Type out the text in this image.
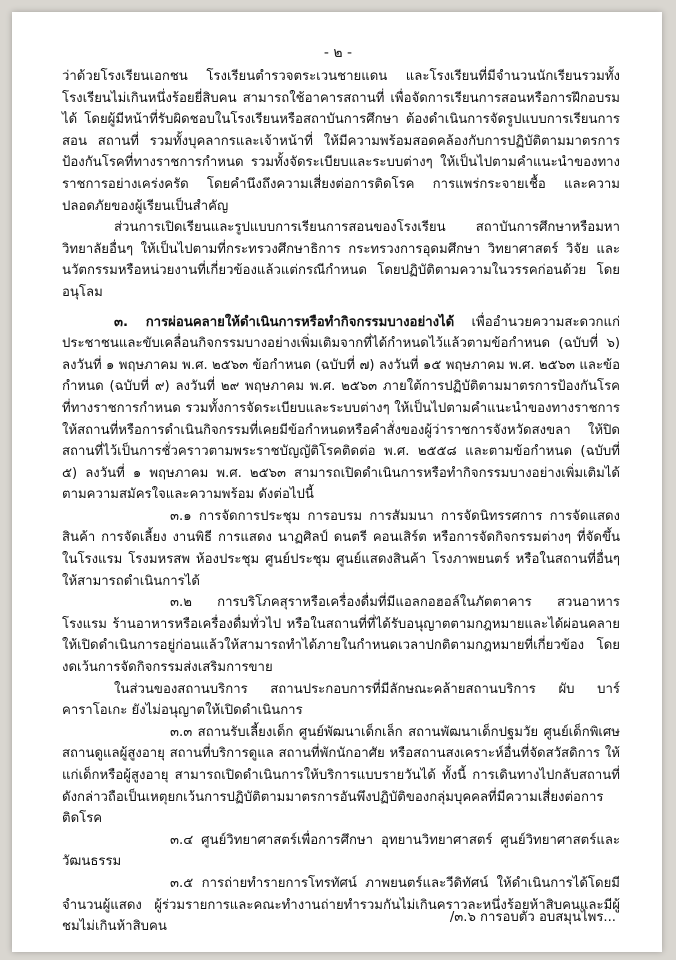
- ๒ -

ว่าด้วยโรงเรียนเอกชน โรงเรียนตำรวจตระเวนชายแดน และโรงเรียนที่มีจำนวนนักเรียนรวมทั้งโรงเรียนไม่เกินหนึ่งร้อยยี่สิบคน สามารถใช้อาคารสถานที่ เพื่อจัดการเรียนการสอนหรือการฝึกอบรมได้ โดยผู้มีหน้าที่รับผิดชอบในโรงเรียนหรือสถาบันการศึกษา ต้องดำเนินการจัดรูปแบบการเรียนการสอน สถานที่ รวมทั้งบุคลากรและเจ้าหน้าที่ ให้มีความพร้อมสอดคล้องกับการปฏิบัติตามมาตรการป้องกันโรคที่ทางราชการกำหนด รวมทั้งจัดระเบียบและระบบต่างๆ ให้เป็นไปตามคำแนะนำของทางราชการอย่างเคร่งครัด โดยคำนึงถึงความเสี่ยงต่อการติดโรค การแพร่กระจายเชื้อ และความปลอดภัยของผู้เรียนเป็นสำคัญ

ส่วนการเปิดเรียนและรูปแบบการเรียนการสอนของโรงเรียน สถาบันการศึกษาหรือมหาวิทยาลัยอื่นๆ ให้เป็นไปตามที่กระทรวงศึกษาธิการ กระทรวงการอุดมศึกษา วิทยาศาสตร์ วิจัย และนวัตกรรมหรือหน่วยงานที่เกี่ยวข้องแล้วแต่กรณีกำหนด โดยปฏิบัติตามความในวรรคก่อนด้วย โดยอนุโลม

๓. การผ่อนคลายให้ดำเนินการหรือทำกิจกรรมบางอย่างได้ เพื่ออำนวยความสะดวกแก่ประชาชนและขับเคลื่อนกิจกรรมบางอย่างเพิ่มเติมจากที่ได้กำหนดไว้แล้วตามข้อกำหนด (ฉบับที่ ๖) ลงวันที่ ๑ พฤษภาคม พ.ศ. ๒๕๖๓ ข้อกำหนด (ฉบับที่ ๗) ลงวันที่ ๑๕ พฤษภาคม พ.ศ. ๒๕๖๓ และข้อกำหนด (ฉบับที่ ๙) ลงวันที่ ๒๙ พฤษภาคม พ.ศ. ๒๕๖๓ ภายใต้การปฏิบัติตามมาตรการป้องกันโรคที่ทางราชการกำหนด รวมทั้งการจัดระเบียบและระบบต่างๆ ให้เป็นไปตามคำแนะนำของทางราชการ ให้สถานที่หรือการดำเนินกิจกรรมที่เคยมีข้อกำหนดหรือคำสั่งของผู้ว่าราชการจังหวัดสงขลา ให้ปิดสถานที่ไว้เป็นการชั่วคราวตามพระราชบัญญัติโรคติดต่อ พ.ศ. ๒๕๕๘ และตามข้อกำหนด (ฉบับที่ ๕) ลงวันที่ ๑ พฤษภาคม พ.ศ. ๒๕๖๓ สามารถเปิดดำเนินการหรือทำกิจกรรมบางอย่างเพิ่มเติมได้ ตามความสมัครใจและความพร้อม ดังต่อไปนี้

๓.๑ การจัดการประชุม การอบรม การสัมมนา การจัดนิทรรศการ การจัดแสดงสินค้า การจัดเลี้ยง งานพิธี การแสดง นาฏศิลป์ ดนตรี คอนเสิร์ต หรือการจัดกิจกรรมต่างๆ ที่จัดขึ้น ในโรงแรม โรงมหรสพ ห้องประชุม ศูนย์ประชุม ศูนย์แสดงสินค้า โรงภาพยนตร์ หรือในสถานที่อื่นๆ ให้สามารถดำเนินการได้

๓.๒ การบริโภคสุราหรือเครื่องดื่มที่มีแอลกอฮอล์ในภัตตาคาร สวนอาหาร โรงแรม ร้านอาหารหรือเครื่องดื่มทั่วไป หรือในสถานที่ที่ได้รับอนุญาตตามกฎหมายและได้ผ่อนคลาย ให้เปิดดำเนินการอยู่ก่อนแล้วให้สามารถทำได้ภายในกำหนดเวลาปกติตามกฎหมายที่เกี่ยวข้อง โดยงดเว้นการจัดกิจกรรมส่งเสริมการขาย

ในส่วนของสถานบริการ สถานประกอบการที่มีลักษณะคล้ายสถานบริการ ผับ บาร์ คาราโอเกะ ยังไม่อนุญาตให้เปิดดำเนินการ

๓.๓ สถานรับเลี้ยงเด็ก ศูนย์พัฒนาเด็กเล็ก สถานพัฒนาเด็กปฐมวัย ศูนย์เด็กพิเศษ สถานดูแลผู้สูงอายุ สถานที่บริการดูแล สถานที่พักนักอาศัย หรือสถานสงเคราะห์อื่นที่จัดสวัสดิการ ให้แก่เด็กหรือผู้สูงอายุ สามารถเปิดดำเนินการให้บริการแบบรายวันได้ ทั้งนี้ การเดินทางไปกลับสถานที่ดังกล่าวถือเป็นเหตุยกเว้นการปฏิบัติตามมาตรการอันพึงปฏิบัติของกลุ่มบุคคลที่มีความเสี่ยงต่อการติดโรค

๓.๔ ศูนย์วิทยาศาสตร์เพื่อการศึกษา อุทยานวิทยาศาสตร์ ศูนย์วิทยาศาสตร์และวัฒนธรรม

๓.๕ การถ่ายทำรายการโทรทัศน์ ภาพยนตร์และวีดิทัศน์ ให้ดำเนินการได้โดยมีจำนวนผู้แสดง ผู้ร่วมรายการและคณะทำงานถ่ายทำรวมกันไม่เกินคราวละหนึ่งร้อยห้าสิบคนและมีผู้ชมไม่เกินห้าสิบคน

/๓.๖ การอบตัว อบสมุนไพร...
